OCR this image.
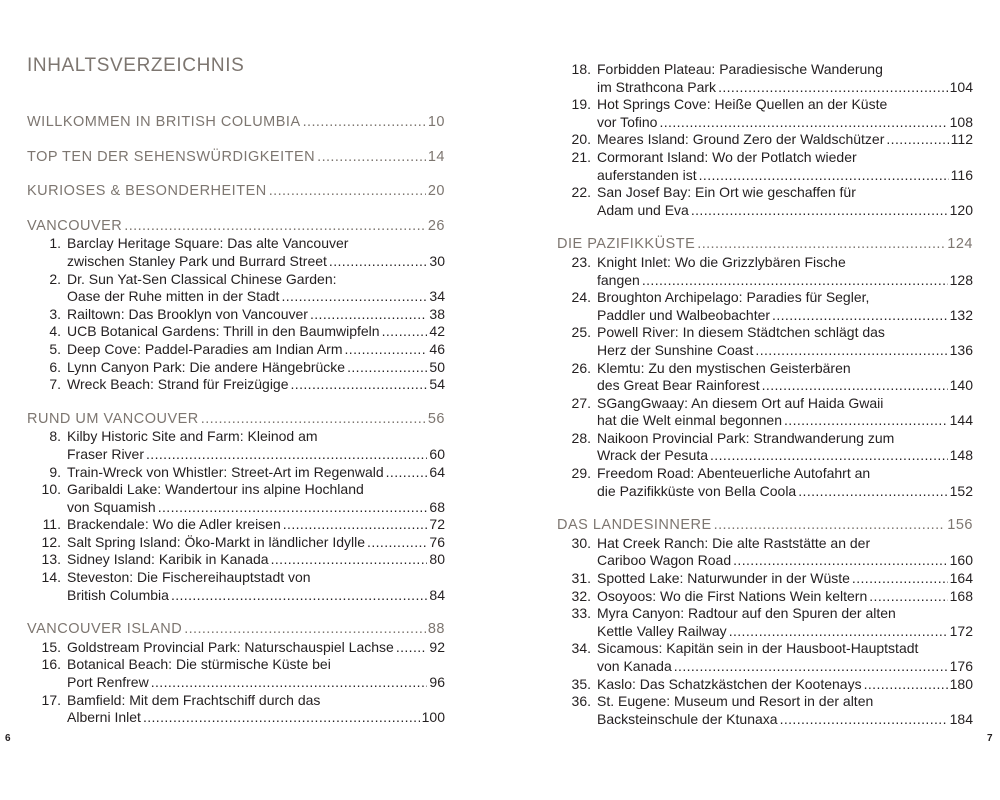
INHALTSVERZEICHNIS
WILLKOMMEN IN BRITISH COLUMBIA .....	10
TOP TEN DER SEHENSWÜRDIGKEITEN .....	14
KURIOSES & BESONDERHEITEN .....	20
VANCOUVER .....	26
1. Barclay Heritage Square: Das alte Vancouver
zwischen Stanley Park und Burrard Street .....	30
2. Dr. Sun Yat-Sen Classical Chinese Garden:
Oase der Ruhe mitten in der Stadt .....	34
3. Railtown: Das Brooklyn von Vancouver .....	38
4. UCB Botanical Gardens: Thrill in den Baumwipfeln .....	42
5. Deep Cove: Paddel-Paradies am Indian Arm .....	46
6. Lynn Canyon Park: Die andere Hängebrücke .....	50
7. Wreck Beach: Strand für Freizügige .....	54
RUND UM VANCOUVER .....	56
8. Kilby Historic Site and Farm: Kleinod am
Fraser River .....	60
9. Train-Wreck von Whistler: Street-Art im Regenwald .....	64
10. Garibaldi Lake: Wandertour ins alpine Hochland
von Squamish .....	68
11. Brackendale: Wo die Adler kreisen .....	72
12. Salt Spring Island: Öko-Markt in ländlicher Idylle .....	76
13. Sidney Island: Karibik in Kanada .....	80
14. Steveston: Die Fischereihauptstadt von
British Columbia .....	84
VANCOUVER ISLAND .....	88
15. Goldstream Provincial Park: Naturschauspiel Lachse .....	92
16. Botanical Beach: Die stürmische Küste bei
Port Renfrew .....	96
17. Bamfield: Mit dem Frachtschiff durch das
Alberni Inlet .....	100
6
18. Forbidden Plateau: Paradiesische Wanderung
im Strathcona Park .....	104
19. Hot Springs Cove: Heiße Quellen an der Küste
vor Tofino .....	108
20. Meares Island: Ground Zero der Waldschützer .....	112
21. Cormorant Island: Wo der Potlatch wieder
auferstanden ist .....	116
22. San Josef Bay: Ein Ort wie geschaffen für
Adam und Eva .....	120
DIE PAZIFIKKÜSTE .....	124
23. Knight Inlet: Wo die Grizzlybären Fische
fangen .....	128
24. Broughton Archipelago: Paradies für Segler,
Paddler und Walbeobachter .....	132
25. Powell River: In diesem Städtchen schlägt das
Herz der Sunshine Coast .....	136
26. Klemtu: Zu den mystischen Geisterbären
des Great Bear Rainforest .....	140
27. SGangGwaay: An diesem Ort auf Haida Gwaii
hat die Welt einmal begonnen .....	144
28. Naikoon Provincial Park: Strandwanderung zum
Wrack der Pesuta .....	148
29. Freedom Road: Abenteuerliche Autofahrt an
die Pazifikküste von Bella Coola .....	152
DAS LANDESINNERE .....	156
30. Hat Creek Ranch: Die alte Raststätte an der
Cariboo Wagon Road .....	160
31. Spotted Lake: Naturwunder in der Wüste .....	164
32. Osoyoos: Wo die First Nations Wein keltern .....	168
33. Myra Canyon: Radtour auf den Spuren der alten
Kettle Valley Railway .....	172
34. Sicamous: Kapitän sein in der Hausboot-Hauptstadt
von Kanada .....	176
35. Kaslo: Das Schatzkästchen der Kootenays .....	180
36. St. Eugene: Museum und Resort in der alten
Backsteinschule der Ktunaxa .....	184
7
